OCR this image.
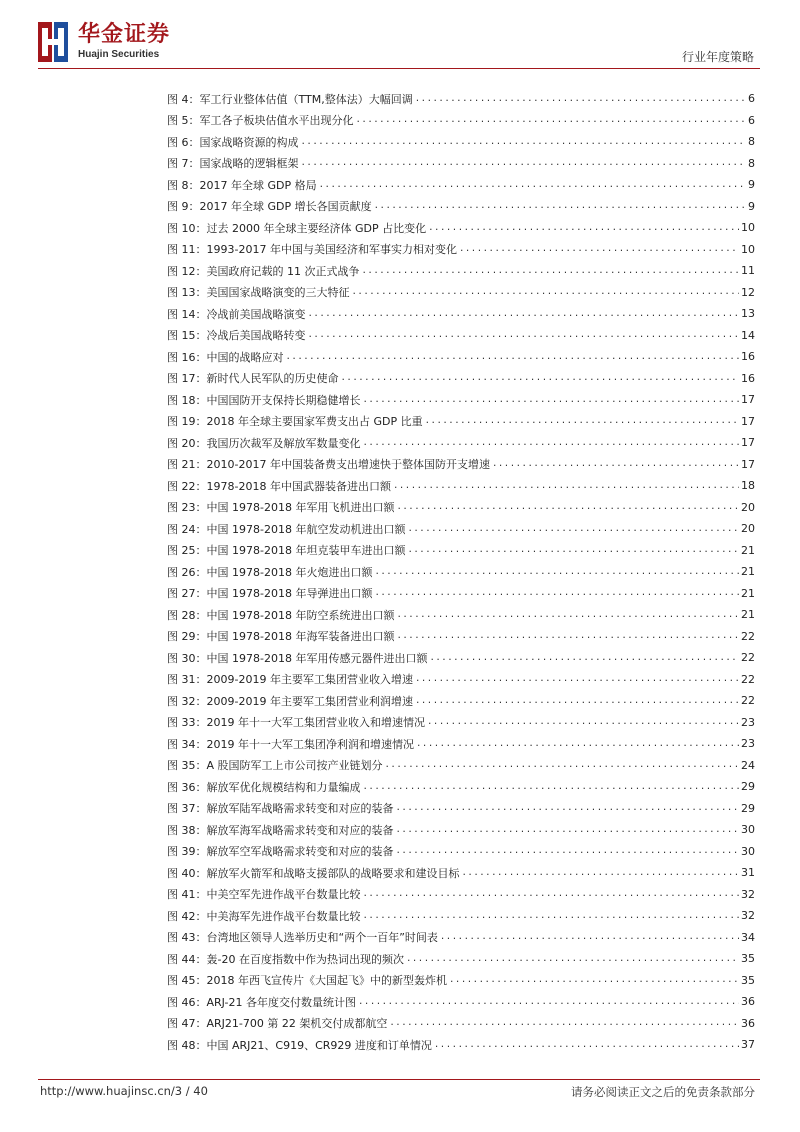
华金证券
Huajin Securities	行业年度策略
图 4：军工行业整体估值（TTM,整体法）大幅回调 .....	6
图 5：军工各子板块估值水平出现分化 .....	6
图 6：国家战略资源的构成 .....	8
图 7：国家战略的逻辑框架 .....	8
图 8：2017 年全球 GDP 格局 .....	9
图 9：2017 年全球 GDP 增长各国贡献度 .....	9
图 10：过去 2000 年全球主要经济体 GDP 占比变化 .....	10
图 11：1993-2017 年中国与美国经济和军事实力相对变化 .....	10
图 12：美国政府记载的 11 次正式战争 .....	11
图 13：美国国家战略演变的三大特征 .....	12
图 14：冷战前美国战略演变 .....	13
图 15：冷战后美国战略转变 .....	14
图 16：中国的战略应对 .....	16
图 17：新时代人民军队的历史使命 .....	16
图 18：中国国防开支保持长期稳健增长 .....	17
图 19：2018 年全球主要国家军费支出占 GDP 比重 .....	17
图 20：我国历次裁军及解放军数量变化 .....	17
图 21：2010-2017 年中国装备费支出增速快于整体国防开支增速 .....	17
图 22：1978-2018 年中国武器装备进出口额 .....	18
图 23：中国 1978-2018 年军用飞机进出口额 .....	20
图 24：中国 1978-2018 年航空发动机进出口额 .....	20
图 25：中国 1978-2018 年坦克装甲车进出口额 .....	21
图 26：中国 1978-2018 年火炮进出口额 .....	21
图 27：中国 1978-2018 年导弹进出口额 .....	21
图 28：中国 1978-2018 年防空系统进出口额 .....	21
图 29：中国 1978-2018 年海军装备进出口额 .....	22
图 30：中国 1978-2018 年军用传感元器件进出口额 .....	22
图 31：2009-2019 年主要军工集团营业收入增速 .....	22
图 32：2009-2019 年主要军工集团营业利润增速 .....	22
图 33：2019 年十一大军工集团营业收入和增速情况 .....	23
图 34：2019 年十一大军工集团净利润和增速情况 .....	23
图 35：A 股国防军工上市公司按产业链划分 .....	24
图 36：解放军优化规模结构和力量编成 .....	29
图 37：解放军陆军战略需求转变和对应的装备 .....	29
图 38：解放军海军战略需求转变和对应的装备 .....	30
图 39：解放军空军战略需求转变和对应的装备 .....	30
图 40：解放军火箭军和战略支援部队的战略要求和建设目标 .....	31
图 41：中美空军先进作战平台数量比较 .....	32
图 42：中美海军先进作战平台数量比较 .....	32
图 43：台湾地区领导人选举历史和“两个一百年”时间表 .....	34
图 44：轰-20 在百度指数中作为热词出现的频次 .....	35
图 45：2018 年西飞宣传片《大国起飞》中的新型轰炸机 .....	35
图 46：ARJ-21 各年度交付数量统计图 .....	36
图 47：ARJ21-700 第 22 架机交付成都航空 .....	36
图 48：中国 ARJ21、C919、CR929 进度和订单情况 .....	37
http://www.huajinsc.cn/3 / 40	请务必阅读正文之后的免责条款部分
